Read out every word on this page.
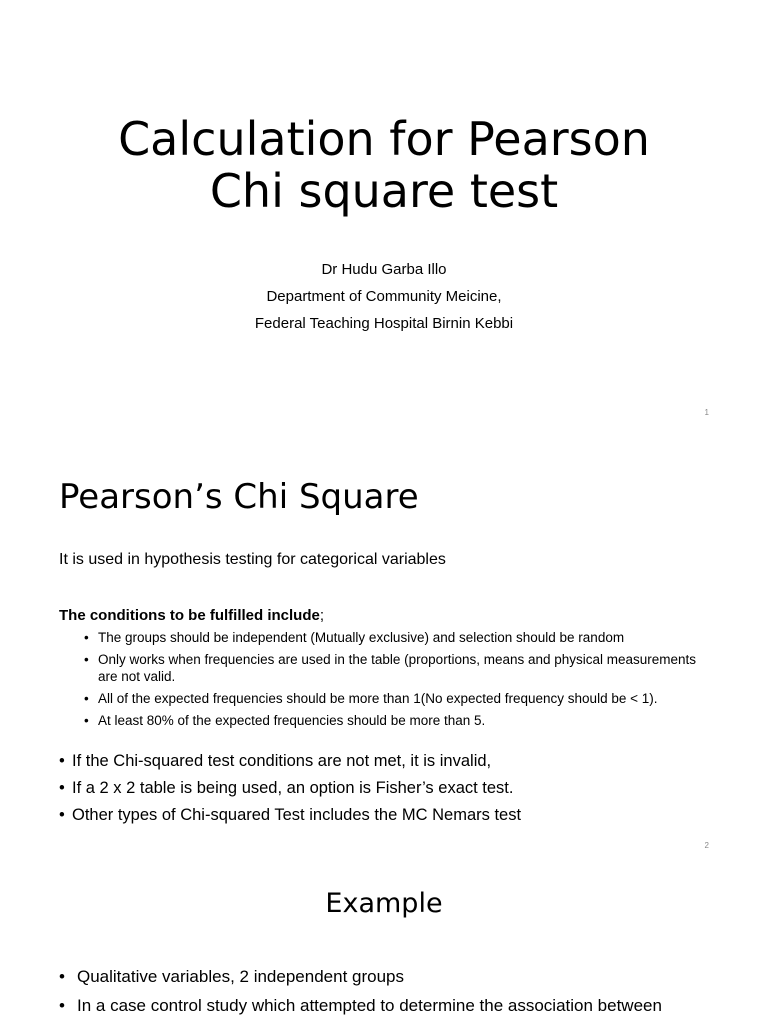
Calculation for Pearson
Chi square test
Dr Hudu Garba Illo
Department of Community Meicine,
Federal Teaching Hospital Birnin Kebbi
1
Pearson’s Chi Square
It is used in hypothesis testing for categorical variables
The conditions to be fulfilled include;
• The groups should be independent (Mutually exclusive) and selection should be random
• Only works when frequencies are used in the table (proportions, means and physical measurements are not valid.
• All of the expected frequencies should be more than 1(No expected frequency should be < 1).
• At least 80% of the expected frequencies should be more than 5.
• If the Chi-squared test conditions are not met, it is invalid,
• If a 2 x 2 table is being used, an option is Fisher’s exact test.
• Other types of Chi-squared Test includes the MC Nemars test
2
Example
• Qualitative variables, 2 independent groups
• In a case control study which attempted to determine the association between
